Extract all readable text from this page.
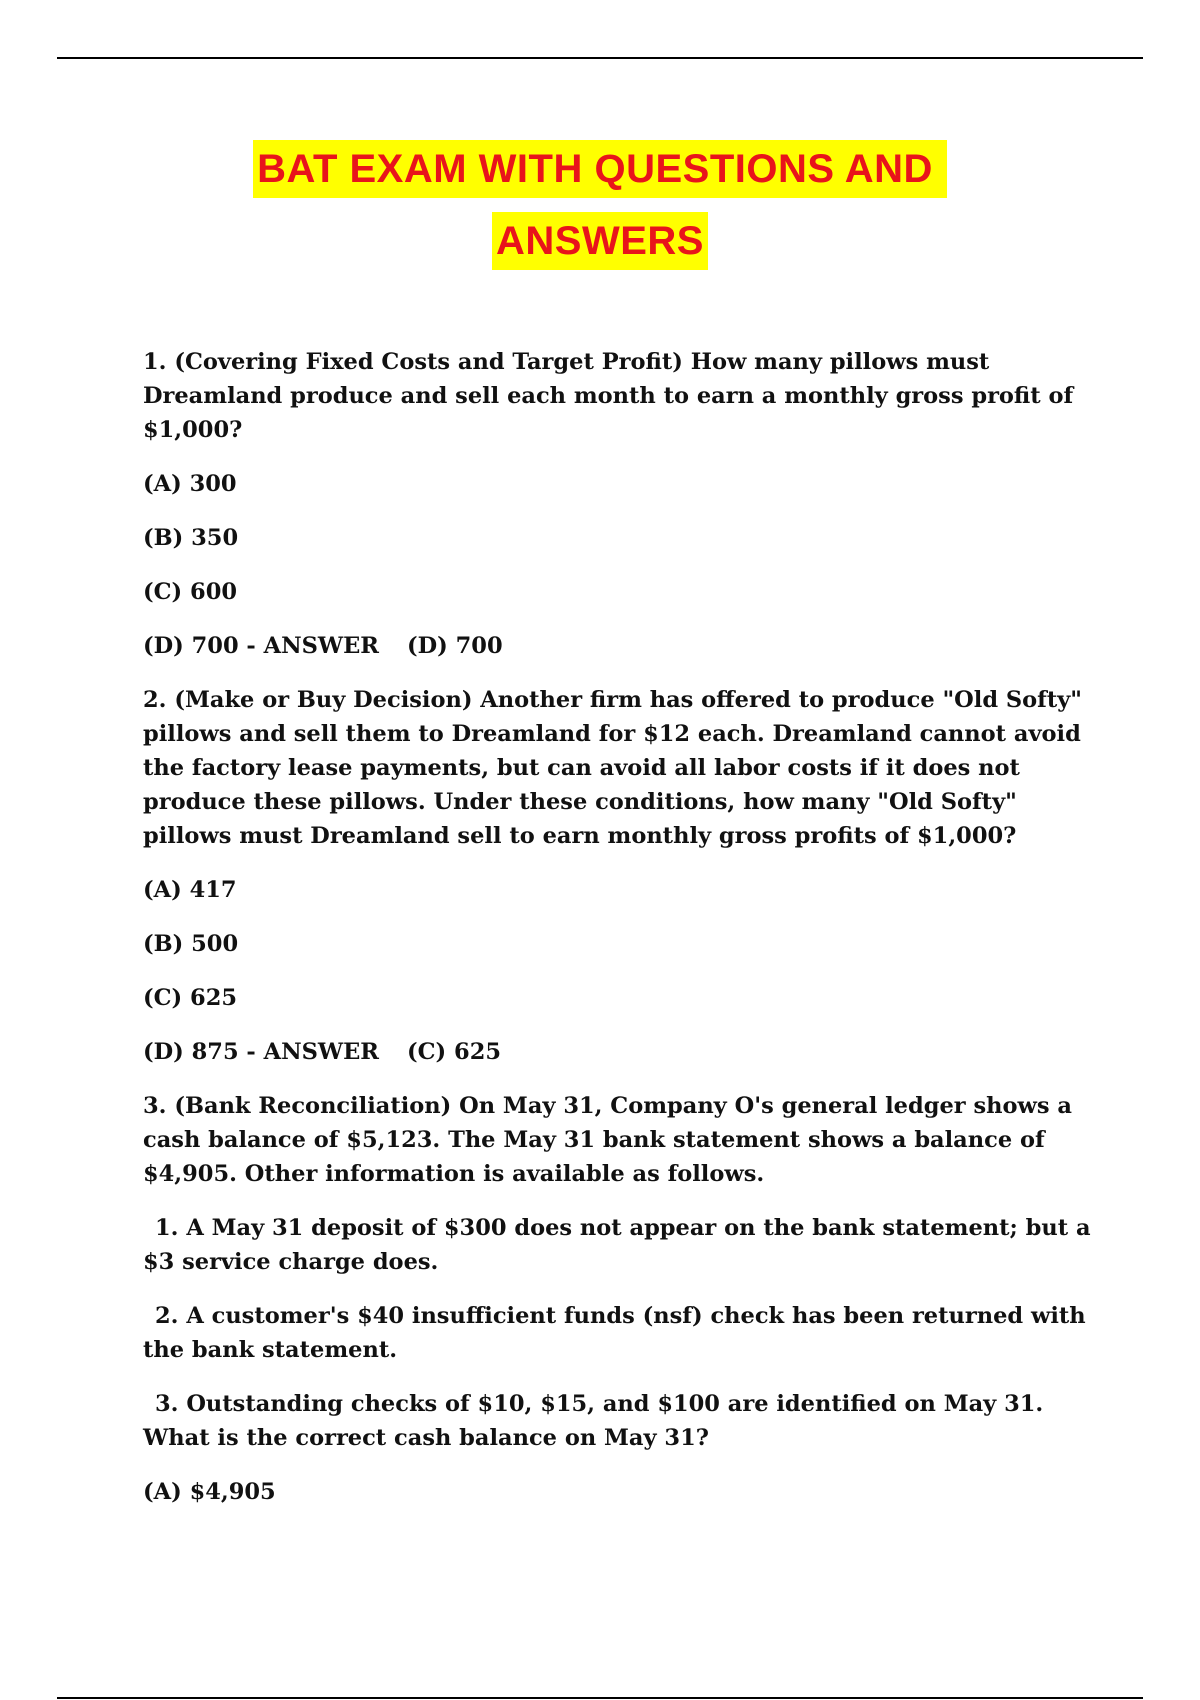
BAT EXAM WITH QUESTIONS AND
ANSWERS

1. (Covering Fixed Costs and Target Profit) How many pillows must Dreamland produce and sell each month to earn a monthly gross profit of $1,000?

(A) 300

(B) 350

(C) 600

(D) 700 - ANSWER (D) 700

2. (Make or Buy Decision) Another firm has offered to produce "Old Softy" pillows and sell them to Dreamland for $12 each. Dreamland cannot avoid the factory lease payments, but can avoid all labor costs if it does not produce these pillows. Under these conditions, how many "Old Softy" pillows must Dreamland sell to earn monthly gross profits of $1,000?

(A) 417

(B) 500

(C) 625

(D) 875 - ANSWER (C) 625

3. (Bank Reconciliation) On May 31, Company O's general ledger shows a cash balance of $5,123. The May 31 bank statement shows a balance of $4,905. Other information is available as follows.

1. A May 31 deposit of $300 does not appear on the bank statement; but a $3 service charge does.

2. A customer's $40 insufficient funds (nsf) check has been returned with the bank statement.

3. Outstanding checks of $10, $15, and $100 are identified on May 31. What is the correct cash balance on May 31?

(A) $4,905
